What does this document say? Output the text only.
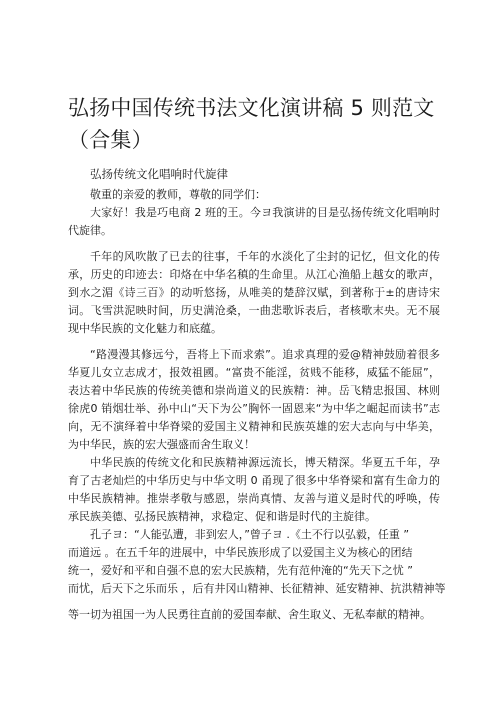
弘扬中国传统书法文化演讲稿 5 则范文（合集）
弘扬传统文化唱响时代旋律

敬重的亲爱的教师，尊敬的同学们：

大家好！我是巧电商 2 班的王。今ヨ我演讲的目是弘扬传统文化唱响时代旋律。

千年的风吹散了已去的往事，千年的水淡化了尘封的记忆，但文化的传承，历史的印迹去：印烙在中华名稹的生命里。从江心渔船上越女的歌声，到水之湄《诗三百》的动听悠扬，从唯美的楚辞汉赋，到著称于±的唐诗宋词。飞雪洪泥映时间，历史满沧桑，一曲悲歌诉表后，者核歌末央。无不展现中华民族的文化魅力和底蕴。

“路漫漫其修远兮，吾将上下而求索”。追求真理的爱@精神鼓励着很多华夏儿女立志成才，报效祖國。“富贵不能淫，贫贱不能移，威猛不能屈”，表达着中华民族的传统美德和崇尚道义的民族精：神。岳飞精忠报国、林则徐虎0 销烟壮举、孙中山“天下为公”胸怀一固恩来“为中华之崛起而读书”志向，无不演绎着中华脊梁的爱国主义精神和民族英雄的宏大志向与中华美，为中华民，族的宏大强盛而舍生取义！

中华民族的传统文化和民族精神源远流长，博天精深。华夏五千年，孕育了古老灿烂的中华历史与中华文明 0 甬现了很多中华脊梁和富有生命力的中华民族精神。推崇孝敬与感恩，崇尚真情、友善与道义是时代的呼唤，传承民族美德、弘扬民族精神，求稳定、促和谐是时代的主旋律。

孔子ヨ：“人能弘遭，非到宏人，”曾子ヨ .《土不行以弘毅，任重 ”

而道远 。在五千年的进展中，中华民族形成了以爱国主义为核心的团结

统一，爱好和平和自强不息的宏大民族精，先有范仲淹的“先天下之忧 ”

而忧，后天下之乐而乐 ，后有井冈山精神、长征精神、延安精神、抗洪精神等

等一切为祖国一为人民勇往直前的爱国奉献、舍生取义、无私奉献的精神。
